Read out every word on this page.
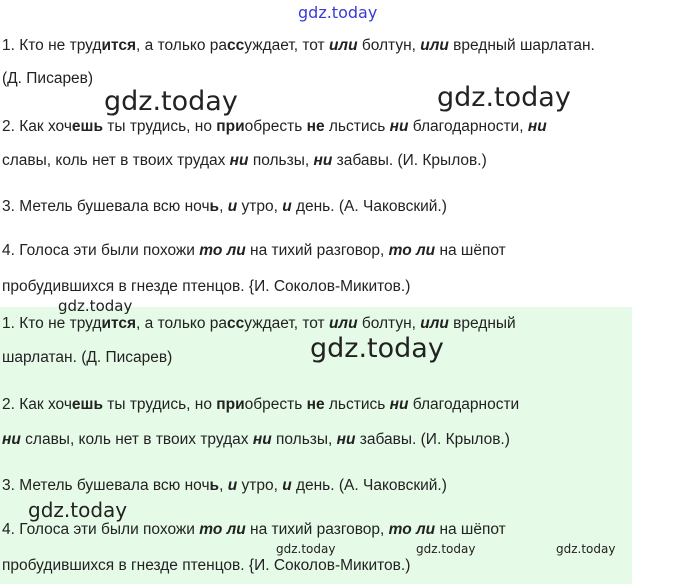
gdz.today
gdz.today	gdz.today
1. Кто не трудится, а только рассуждает, тот или болтун, или вредный шарлатан.
(Д. Писарев)
2. Как хочешь ты трудись, но приобресть не льстись ни благодарности, ни
славы, коль нет в твоих трудах ни пользы, ни забавы. (И. Крылов.)
3. Метель бушевала всю ночь, и утро, и день. (А. Чаковский.)
4. Голоса эти были похожи то ли на тихий разговор, то ли на шёпот
пробудившихся в гнезде птенцов. {И. Соколов-Микитов.)
gdz.today
1. Кто не трудится, а только рассуждает, тот или болтун, или вредный
шарлатан. (Д. Писарев)	gdz.today
2. Как хочешь ты трудись, но приобресть не льстись ни благодарности
ни славы, коль нет в твоих трудах ни пользы, ни забавы. (И. Крылов.)
3. Метель бушевала всю ночь, и утро, и день. (А. Чаковский.)
gdz.today
4. Голоса эти были похожи то ли на тихий разговор, то ли на шёпот
gdz.today	gdz.today	gdz.today
пробудившихся в гнезде птенцов. {И. Соколов-Микитов.)
